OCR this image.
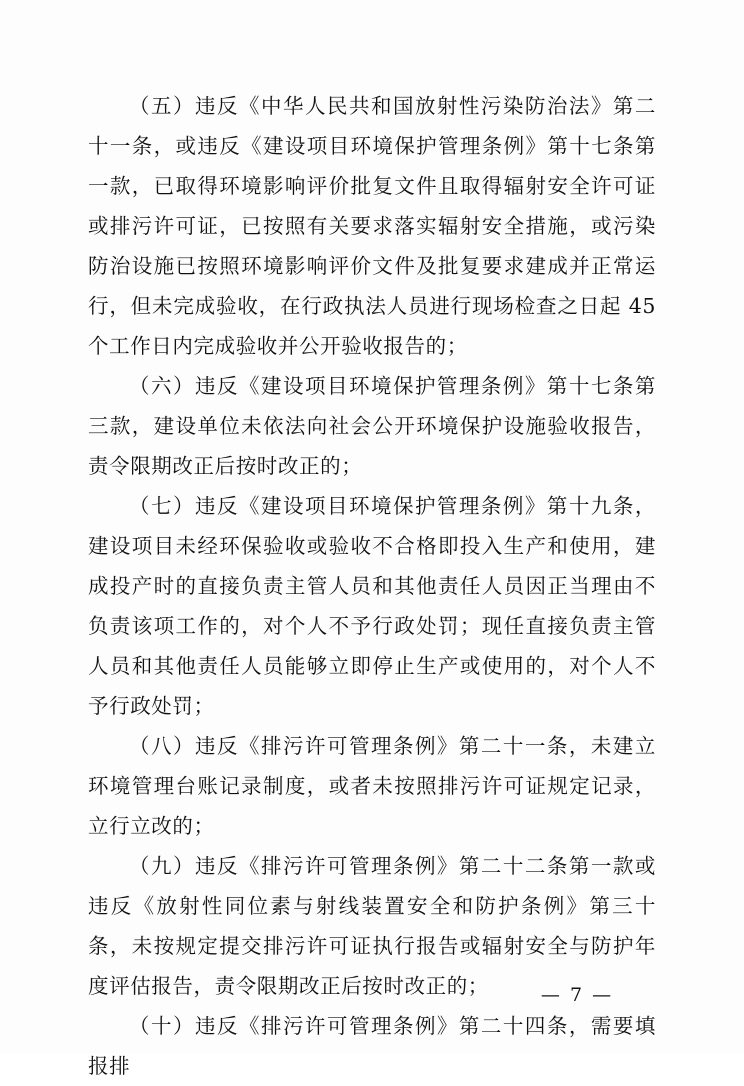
（五）违反《中华人民共和国放射性污染防治法》第二十一条，或违反《建设项目环境保护管理条例》第十七条第一款，已取得环境影响评价批复文件且取得辐射安全许可证或排污许可证，已按照有关要求落实辐射安全措施，或污染防治设施已按照环境影响评价文件及批复要求建成并正常运行，但未完成验收，在行政执法人员进行现场检查之日起 45 个工作日内完成验收并公开验收报告的；

（六）违反《建设项目环境保护管理条例》第十七条第三款，建设单位未依法向社会公开环境保护设施验收报告，责令限期改正后按时改正的；

（七）违反《建设项目环境保护管理条例》第十九条，建设项目未经环保验收或验收不合格即投入生产和使用，建成投产时的直接负责主管人员和其他责任人员因正当理由不负责该项工作的，对个人不予行政处罚；现任直接负责主管人员和其他责任人员能够立即停止生产或使用的，对个人不予行政处罚；

（八）违反《排污许可管理条例》第二十一条，未建立环境管理台账记录制度，或者未按照排污许可证规定记录，立行立改的；

（九）违反《排污许可管理条例》第二十二条第一款或违反《放射性同位素与射线装置安全和防护条例》第三十条，未按规定提交排污许可证执行报告或辐射安全与防护年度评估报告，责令限期改正后按时改正的；

（十）违反《排污许可管理条例》第二十四条，需要填报排

— 7 —
